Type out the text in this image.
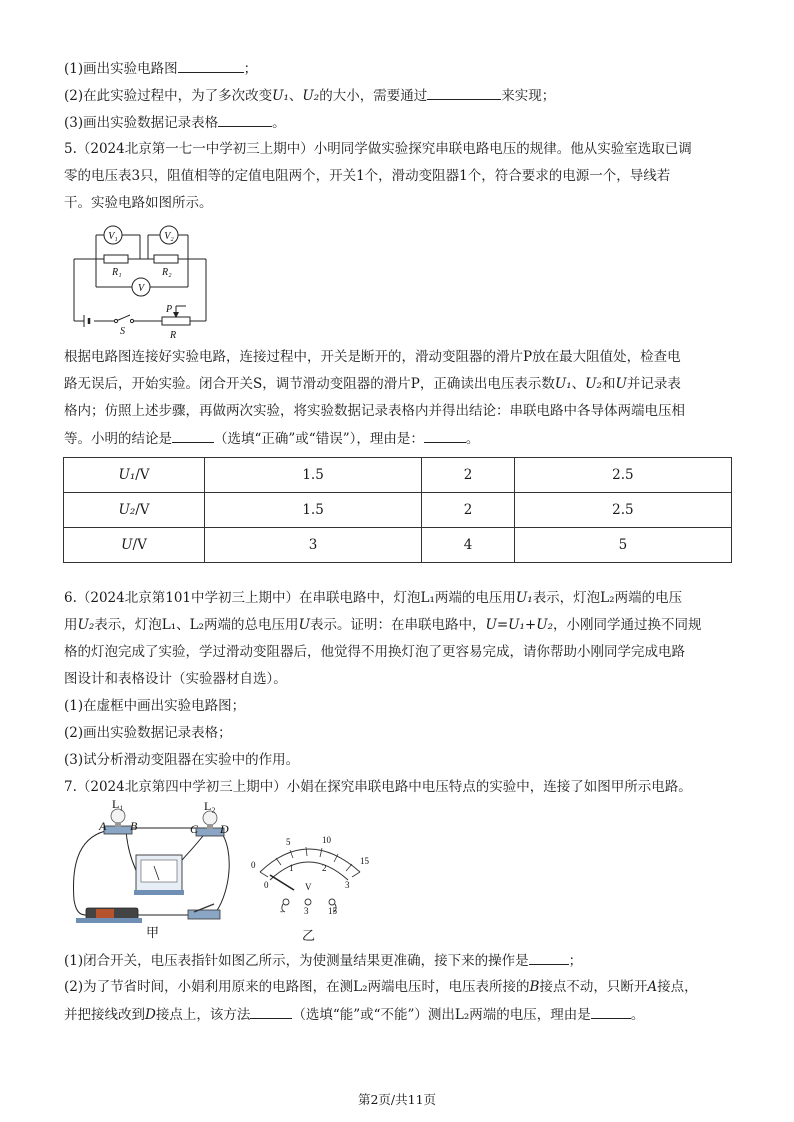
(1)画出实验电路图	；
(2)在此实验过程中，为了多次改变U₁、U₂的大小，需要通过	来实现；
(3)画出实验数据记录表格	。
5.（2024北京第一七一中学初三上期中）小明同学做实验探究串联电路电压的规律。他从实验室选取已调
零的电压表3只，阻值相等的定值电阻两个，开关1个，滑动变阻器1个，符合要求的电源一个，导线若
干。实验电路如图所示。
V₁	V₂
V
R₁	R₂
P
S	R
根据电路图连接好实验电路，连接过程中，开关是断开的，滑动变阻器的滑片P放在最大阻值处，检查电
路无误后，开始实验。闭合开关S，调节滑动变阻器的滑片P，正确读出电压表示数U₁、U₂和U并记录表
格内；仿照上述步骤，再做两次实验，将实验数据记录表格内并得出结论：串联电路中各导体两端电压相
等。小明的结论是	（选填“正确”或“错误”），理由是：	。
U₁/V	1.5	2	2.5
U₂/V	1.5	2	2.5
U/V	3	4	5
6.（2024北京第101中学初三上期中）在串联电路中，灯泡L₁两端的电压用U₁表示，灯泡L₂两端的电压
用U₂表示，灯泡L₁、L₂两端的总电压用U表示。证明：在串联电路中，U=U₁+U₂，小刚同学通过换不同规
格的灯泡完成了实验，学过滑动变阻器后，他觉得不用换灯泡了更容易完成，请你帮助小刚同学完成电路
图设计和表格设计（实验器材自选）。
(1)在虚框中画出实验电路图；
(2)画出实验数据记录表格；
(3)试分析滑动变阻器在实验中的作用。
7.（2024北京第四中学初三上期中）小娟在探究串联电路中电压特点的实验中，连接了如图甲所示电路。
L₁	L₂
A B	C D
甲
0
5	10
15
0
1	2
3
V
- 3 15
乙
(1)闭合开关，电压表指针如图乙所示，为使测量结果更准确，接下来的操作是	；
(2)为了节省时间，小娟利用原来的电路图，在测L₂两端电压时，电压表所接的B接点不动，只断开A接点，
并把接线改到D接点上，该方法	（选填“能”或“不能”）测出L₂两端的电压，理由是	。
第2页/共11页
